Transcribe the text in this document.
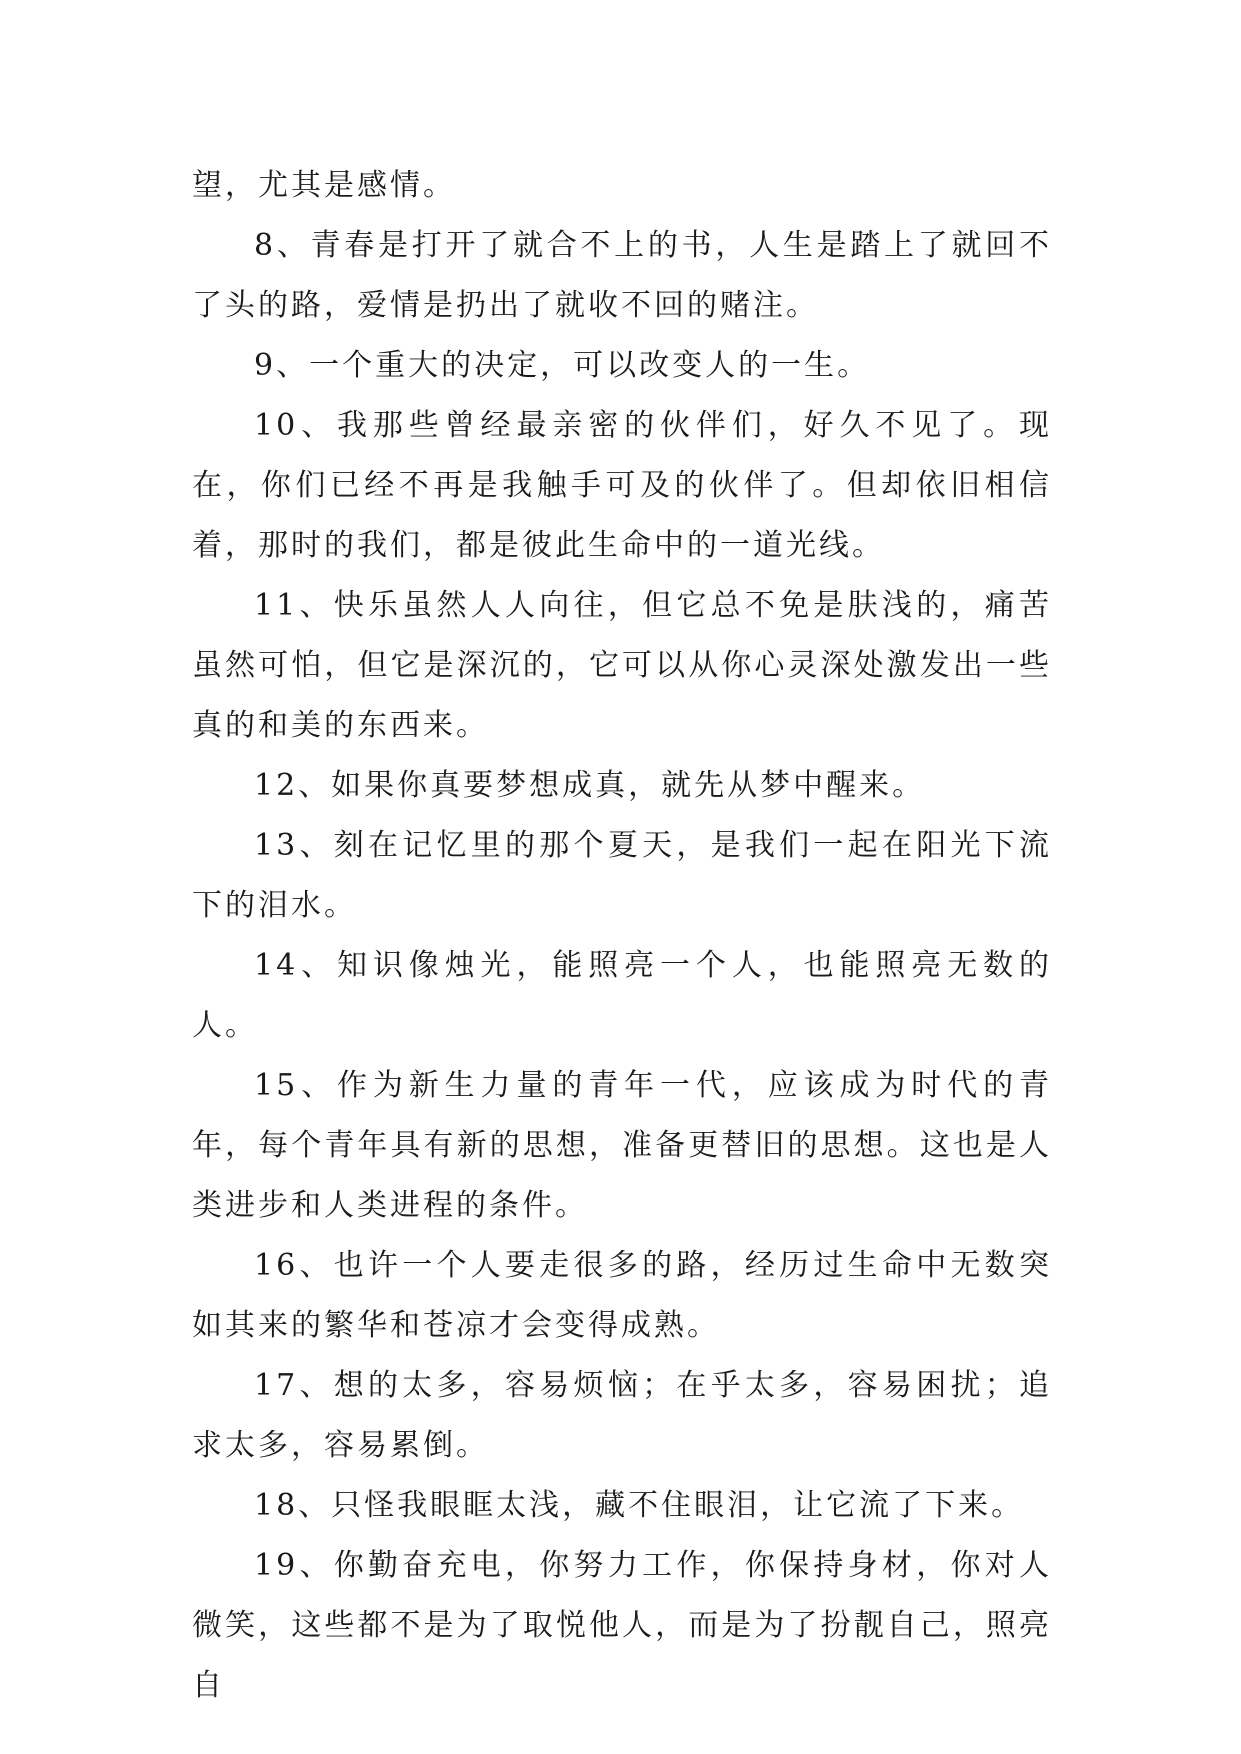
望，尤其是感情。

8、青春是打开了就合不上的书，人生是踏上了就回不了头的路，爱情是扔出了就收不回的赌注。

9、一个重大的决定，可以改变人的一生。

10、我那些曾经最亲密的伙伴们，好久不见了。现在，你们已经不再是我触手可及的伙伴了。但却依旧相信着，那时的我们，都是彼此生命中的一道光线。

11、快乐虽然人人向往，但它总不免是肤浅的，痛苦虽然可怕，但它是深沉的，它可以从你心灵深处激发出一些真的和美的东西来。

12、如果你真要梦想成真，就先从梦中醒来。

13、刻在记忆里的那个夏天，是我们一起在阳光下流下的泪水。

14、知识像烛光，能照亮一个人，也能照亮无数的人。

15、作为新生力量的青年一代，应该成为时代的青年，每个青年具有新的思想，准备更替旧的思想。这也是人类进步和人类进程的条件。

16、也许一个人要走很多的路，经历过生命中无数突如其来的繁华和苍凉才会变得成熟。

17、想的太多，容易烦恼；在乎太多，容易困扰；追求太多，容易累倒。

18、只怪我眼眶太浅，藏不住眼泪，让它流了下来。

19、你勤奋充电，你努力工作，你保持身材，你对人微笑，这些都不是为了取悦他人，而是为了扮靓自己，照亮自
